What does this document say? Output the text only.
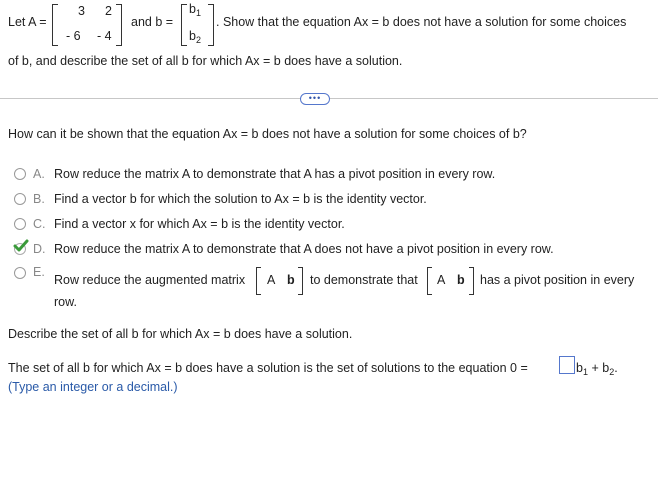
Let A =
3 2
- 6 - 4
and b =
$b_1$
$b_2$
. Show that the equation Ax = b does not have a solution for some choices
of b, and describe the set of all b for which Ax = b does have a solution.
•••
How can it be shown that the equation Ax = b does not have a solution for some choices of b?
A. Row reduce the matrix A to demonstrate that A has a pivot position in every row.
B. Find a vector b for which the solution to Ax = b is the identity vector.
C. Find a vector x for which Ax = b is the identity vector.
D. Row reduce the matrix A to demonstrate that A does not have a pivot position in every row.
E.
Row reduce the augmented matrix A b to demonstrate that A b has a pivot position in every
row.
Describe the set of all b for which Ax = b does have a solution.
The set of all b for which Ax = b does have a solution is the set of solutions to the equation 0 =	$b_1 + b_2$.
(Type an integer or a decimal.)
